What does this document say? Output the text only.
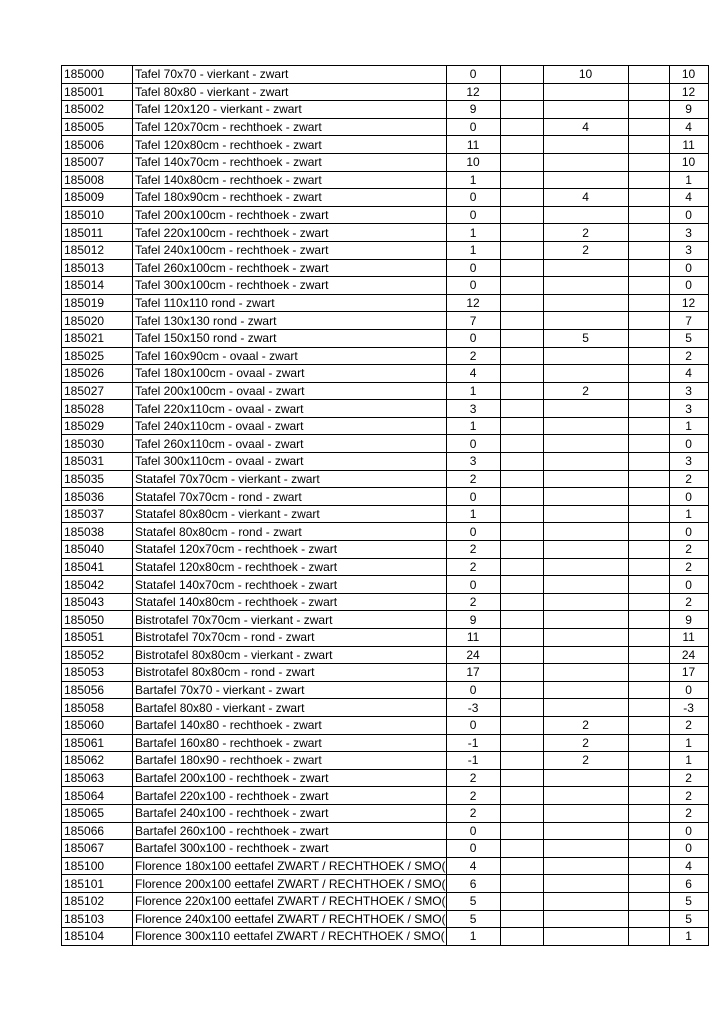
185000	Tafel 70x70 - vierkant - zwart	0		10		10
185001	Tafel 80x80 - vierkant - zwart	12				12
185002	Tafel 120x120 - vierkant - zwart	9				9
185005	Tafel 120x70cm - rechthoek - zwart	0		4		4
185006	Tafel 120x80cm - rechthoek - zwart	11				11
185007	Tafel 140x70cm - rechthoek - zwart	10				10
185008	Tafel 140x80cm - rechthoek - zwart	1				1
185009	Tafel 180x90cm - rechthoek - zwart	0		4		4
185010	Tafel 200x100cm - rechthoek - zwart	0				0
185011	Tafel 220x100cm - rechthoek - zwart	1		2		3
185012	Tafel 240x100cm - rechthoek - zwart	1		2		3
185013	Tafel 260x100cm - rechthoek - zwart	0				0
185014	Tafel 300x100cm - rechthoek - zwart	0				0
185019	Tafel 110x110 rond - zwart	12				12
185020	Tafel 130x130 rond - zwart	7				7
185021	Tafel 150x150 rond - zwart	0		5		5
185025	Tafel 160x90cm - ovaal - zwart	2				2
185026	Tafel 180x100cm - ovaal - zwart	4				4
185027	Tafel 200x100cm - ovaal - zwart	1		2		3
185028	Tafel 220x110cm - ovaal - zwart	3				3
185029	Tafel 240x110cm - ovaal - zwart	1				1
185030	Tafel 260x110cm - ovaal - zwart	0				0
185031	Tafel 300x110cm - ovaal - zwart	3				3
185035	Statafel 70x70cm - vierkant - zwart	2				2
185036	Statafel 70x70cm - rond - zwart	0				0
185037	Statafel 80x80cm - vierkant - zwart	1				1
185038	Statafel 80x80cm - rond - zwart	0				0
185040	Statafel 120x70cm - rechthoek - zwart	2				2
185041	Statafel 120x80cm - rechthoek - zwart	2				2
185042	Statafel 140x70cm - rechthoek - zwart	0				0
185043	Statafel 140x80cm - rechthoek - zwart	2				2
185050	Bistrotafel 70x70cm - vierkant - zwart	9				9
185051	Bistrotafel 70x70cm - rond - zwart	11				11
185052	Bistrotafel 80x80cm - vierkant - zwart	24				24
185053	Bistrotafel 80x80cm - rond - zwart	17				17
185056	Bartafel 70x70 - vierkant - zwart	0				0
185058	Bartafel 80x80 - vierkant - zwart	-3				-3
185060	Bartafel 140x80 - rechthoek - zwart	0		2		2
185061	Bartafel 160x80 - rechthoek - zwart	-1		2		1
185062	Bartafel 180x90 - rechthoek - zwart	-1		2		1
185063	Bartafel 200x100 - rechthoek - zwart	2				2
185064	Bartafel 220x100 - rechthoek - zwart	2				2
185065	Bartafel 240x100 - rechthoek - zwart	2				2
185066	Bartafel 260x100 - rechthoek - zwart	0				0
185067	Bartafel 300x100 - rechthoek - zwart	0				0
185100	Florence 180x100 eettafel ZWART / RECHTHOEK / SMO(	4				4
185101	Florence 200x100 eettafel ZWART / RECHTHOEK / SMO(	6				6
185102	Florence 220x100 eettafel ZWART / RECHTHOEK / SMO(	5				5
185103	Florence 240x100 eettafel ZWART / RECHTHOEK / SMO(	5				5
185104	Florence 300x110 eettafel ZWART / RECHTHOEK / SMO(	1				1
